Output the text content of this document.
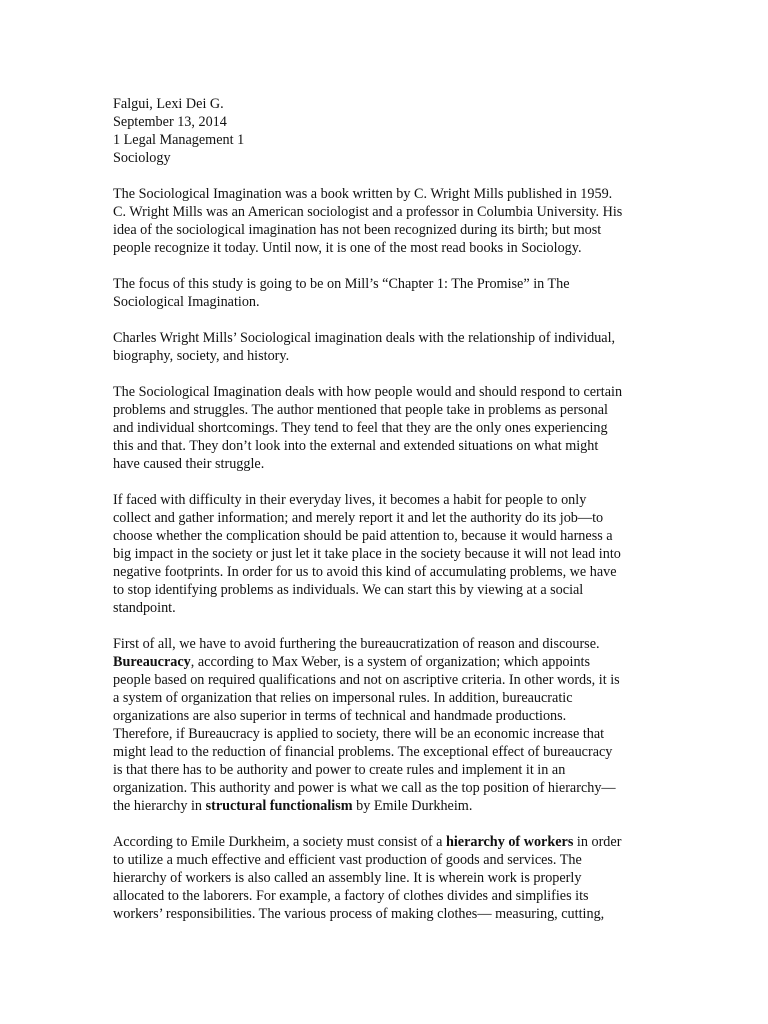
Falgui, Lexi Dei G.

September 13, 2014

1 Legal Management 1

Sociology

The Sociological Imagination was a book written by C. Wright Mills published in 1959.
C. Wright Mills was an American sociologist and a professor in Columbia University. His
idea of the sociological imagination has not been recognized during its birth; but most
people recognize it today. Until now, it is one of the most read books in Sociology.

The focus of this study is going to be on Mill’s “Chapter 1: The Promise” in The
Sociological Imagination.

Charles Wright Mills’ Sociological imagination deals with the relationship of individual,
biography, society, and history.

The Sociological Imagination deals with how people would and should respond to certain
problems and struggles. The author mentioned that people take in problems as personal
and individual shortcomings. They tend to feel that they are the only ones experiencing
this and that. They don’t look into the external and extended situations on what might
have caused their struggle.

If faced with difficulty in their everyday lives, it becomes a habit for people to only
collect and gather information; and merely report it and let the authority do its job—to
choose whether the complication should be paid attention to, because it would harness a
big impact in the society or just let it take place in the society because it will not lead into
negative footprints. In order for us to avoid this kind of accumulating problems, we have
to stop identifying problems as individuals. We can start this by viewing at a social
standpoint.

First of all, we have to avoid furthering the bureaucratization of reason and discourse.
Bureaucracy, according to Max Weber, is a system of organization; which appoints
people based on required qualifications and not on ascriptive criteria. In other words, it is
a system of organization that relies on impersonal rules. In addition, bureaucratic
organizations are also superior in terms of technical and handmade productions.
Therefore, if Bureaucracy is applied to society, there will be an economic increase that
might lead to the reduction of financial problems. The exceptional effect of bureaucracy
is that there has to be authority and power to create rules and implement it in an
organization. This authority and power is what we call as the top position of hierarchy—
the hierarchy in structural functionalism by Emile Durkheim.

According to Emile Durkheim, a society must consist of a hierarchy of workers in order
to utilize a much effective and efficient vast production of goods and services. The
hierarchy of workers is also called an assembly line. It is wherein work is properly
allocated to the laborers. For example, a factory of clothes divides and simplifies its
workers’ responsibilities. The various process of making clothes— measuring, cutting,
